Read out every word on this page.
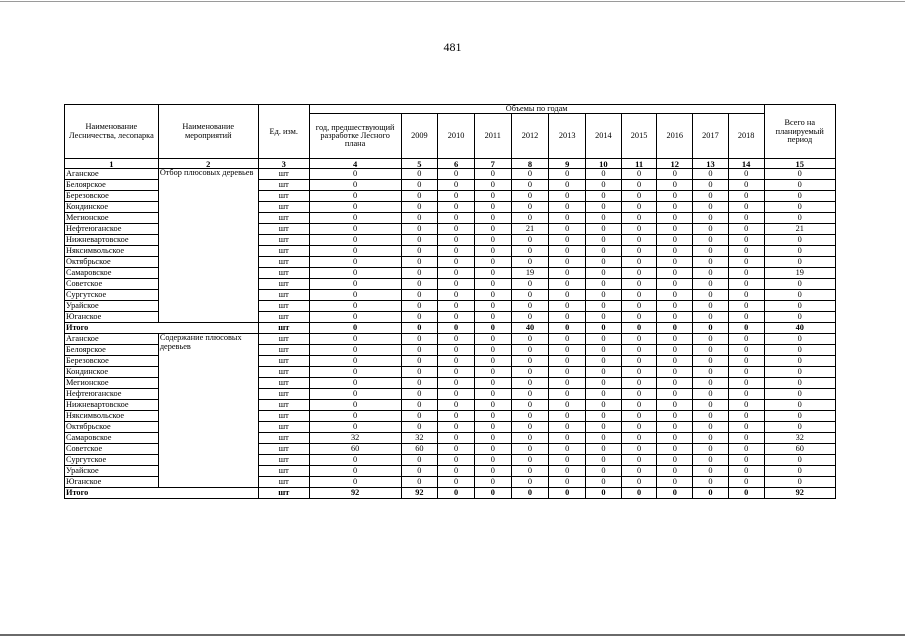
481
Наименование Лесничества, лесопарка	Наименование мероприятий	Ед. изм.	Объемы по годам											Всего на планируемый период
			год, предшествующий разработке Лесного плана	2009	2010	2011	2012	2013	2014	2015	2016	2017	2018	
1	2	3	4	5	6	7	8	9	10	11	12	13	14	15
Аганское	Отбор плюсовых деревьев	шт	0	0	0	0	0	0	0	0	0	0	0	0
Белоярское		шт	0	0	0	0	0	0	0	0	0	0	0	0
Березовское		шт	0	0	0	0	0	0	0	0	0	0	0	0
Кондинское		шт	0	0	0	0	0	0	0	0	0	0	0	0
Мегионское		шт	0	0	0	0	0	0	0	0	0	0	0	0
Нефтеюганское		шт	0	0	0	0	21	0	0	0	0	0	0	21
Нижневартовское		шт	0	0	0	0	0	0	0	0	0	0	0	0
Няксимвольское		шт	0	0	0	0	0	0	0	0	0	0	0	0
Октябрьское		шт	0	0	0	0	0	0	0	0	0	0	0	0
Самаровское		шт	0	0	0	0	19	0	0	0	0	0	0	19
Советское		шт	0	0	0	0	0	0	0	0	0	0	0	0
Сургутское		шт	0	0	0	0	0	0	0	0	0	0	0	0
Урайское		шт	0	0	0	0	0	0	0	0	0	0	0	0
Юганское		шт	0	0	0	0	0	0	0	0	0	0	0	0
Итого		шт	0	0	0	0	40	0	0	0	0	0	0	40
Аганское	Содержание плюсовых деревьев	шт	0	0	0	0	0	0	0	0	0	0	0	0
Белоярское		шт	0	0	0	0	0	0	0	0	0	0	0	0
Березовское		шт	0	0	0	0	0	0	0	0	0	0	0	0
Кондинское		шт	0	0	0	0	0	0	0	0	0	0	0	0
Мегионское		шт	0	0	0	0	0	0	0	0	0	0	0	0
Нефтеюганское		шт	0	0	0	0	0	0	0	0	0	0	0	0
Нижневартовское		шт	0	0	0	0	0	0	0	0	0	0	0	0
Няксимвольское		шт	0	0	0	0	0	0	0	0	0	0	0	0
Октябрьское		шт	0	0	0	0	0	0	0	0	0	0	0	0
Самаровское		шт	32	32	0	0	0	0	0	0	0	0	0	32
Советское		шт	60	60	0	0	0	0	0	0	0	0	0	60
Сургутское		шт	0	0	0	0	0	0	0	0	0	0	0	0
Урайское		шт	0	0	0	0	0	0	0	0	0	0	0	0
Юганское		шт	0	0	0	0	0	0	0	0	0	0	0	0
Итого		шт	92	92	0	0	0	0	0	0	0	0	0	92
